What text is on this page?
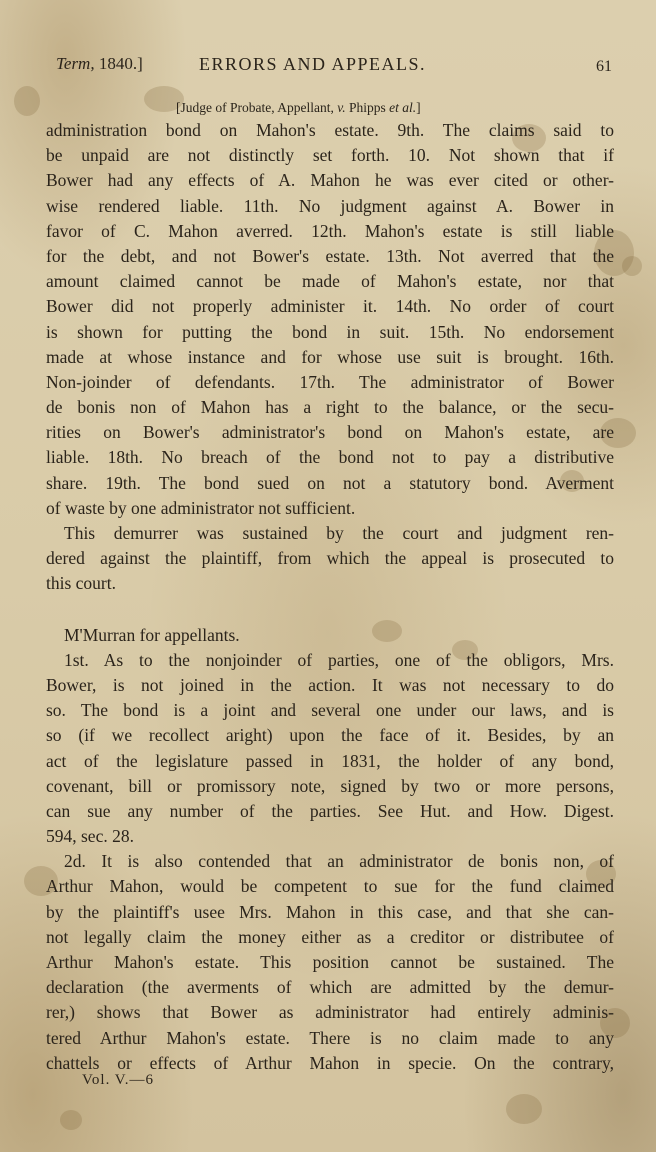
Term, 1840.]	ERRORS AND APPEALS.	61
[Judge of Probate, Appellant, v. Phipps et al.]
administration bond on Mahon's estate. 9th. The claims said to
be unpaid are not distinctly set forth. 10. Not shown that if
Bower had any effects of A. Mahon he was ever cited or other-
wise rendered liable. 11th. No judgment against A. Bower in
favor of C. Mahon averred. 12th. Mahon's estate is still liable
for the debt, and not Bower's estate. 13th. Not averred that the
amount claimed cannot be made of Mahon's estate, nor that
Bower did not properly administer it. 14th. No order of court
is shown for putting the bond in suit. 15th. No endorsement
made at whose instance and for whose use suit is brought. 16th.
Non-joinder of defendants. 17th. The administrator of Bower
de bonis non of Mahon has a right to the balance, or the secu-
rities on Bower's administrator's bond on Mahon's estate, are
liable. 18th. No breach of the bond not to pay a distributive
share. 19th. The bond sued on not a statutory bond. Averment
of waste by one administrator not sufficient.
This demurrer was sustained by the court and judgment ren-
dered against the plaintiff, from which the appeal is prosecuted to
this court.
M'Murran for appellants.
1st. As to the nonjoinder of parties, one of the obligors, Mrs.
Bower, is not joined in the action. It was not necessary to do
so. The bond is a joint and several one under our laws, and is
so (if we recollect aright) upon the face of it. Besides, by an
act of the legislature passed in 1831, the holder of any bond,
covenant, bill or promissory note, signed by two or more persons,
can sue any number of the parties. See Hut. and How. Digest.
594, sec. 28.
2d. It is also contended that an administrator de bonis non, of
Arthur Mahon, would be competent to sue for the fund claimed
by the plaintiff's usee Mrs. Mahon in this case, and that she can-
not legally claim the money either as a creditor or distributee of
Arthur Mahon's estate. This position cannot be sustained. The
declaration (the averments of which are admitted by the demur-
rer,) shows that Bower as administrator had entirely adminis-
tered Arthur Mahon's estate. There is no claim made to any
chattels or effects of Arthur Mahon in specie. On the contrary,
Vol. V.—6
